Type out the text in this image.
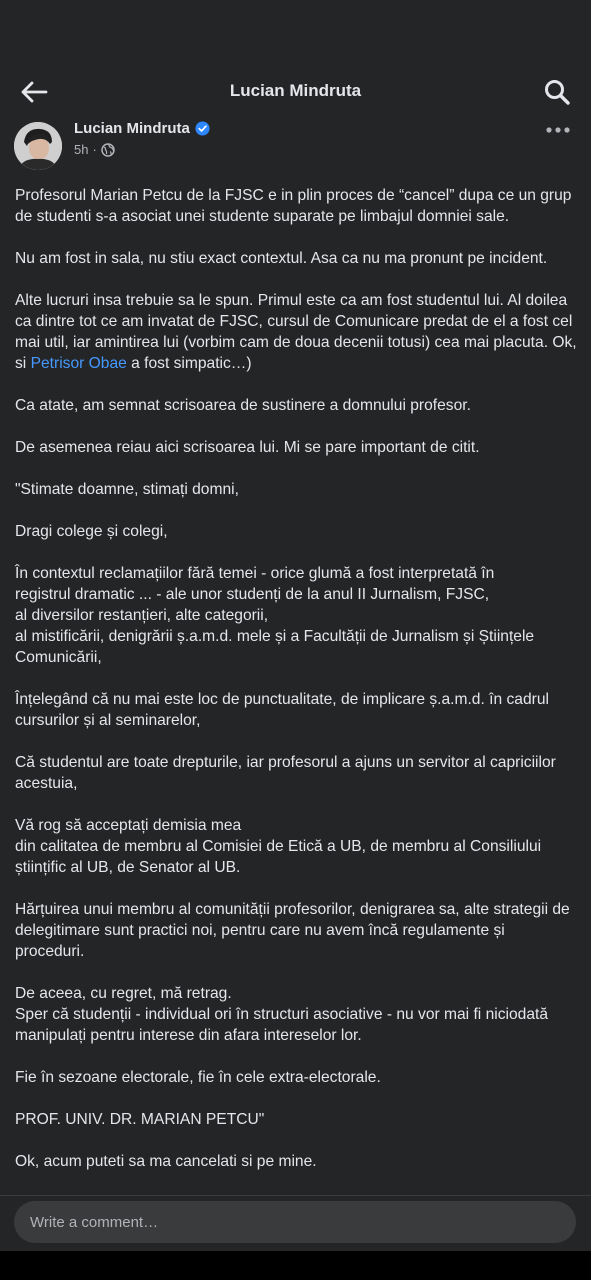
Lucian Mindruta
Lucian Mindruta
5h ·

Profesorul Marian Petcu de la FJSC e in plin proces de “cancel” dupa ce un grup de studenti s-a asociat unei studente suparate pe limbajul domniei sale.

Nu am fost in sala, nu stiu exact contextul. Asa ca nu ma pronunt pe incident.

Alte lucruri insa trebuie sa le spun. Primul este ca am fost studentul lui. Al doilea ca dintre tot ce am invatat de FJSC, cursul de Comunicare predat de el a fost cel mai util, iar amintirea lui (vorbim cam de doua decenii totusi) cea mai placuta. Ok, si Petrisor Obae a fost simpatic…)

Ca atate, am semnat scrisoarea de sustinere a domnului profesor.

De asemenea reiau aici scrisoarea lui. Mi se pare important de citit.

"Stimate doamne, stimați domni,

Dragi colege și colegi,

În contextul reclamațiilor fără temei - orice glumă a fost interpretată în
registrul dramatic ... - ale unor studenți de la anul II Jurnalism, FJSC,
al diversilor restanțieri, alte categorii,
al mistificării, denigrării ș.a.m.d. mele și a Facultății de Jurnalism și Științele Comunicării,

Înțelegând că nu mai este loc de punctualitate, de implicare ș.a.m.d. în cadrul cursurilor și al seminarelor,

Că studentul are toate drepturile, iar profesorul a ajuns un servitor al capriciilor acestuia,

Vă rog să acceptați demisia mea
din calitatea de membru al Comisiei de Etică a UB, de membru al Consiliului științific al UB, de Senator al UB.

Hărțuirea unui membru al comunității profesorilor, denigrarea sa, alte strategii de delegitimare sunt practici noi, pentru care nu avem încă regulamente și proceduri.

De aceea, cu regret, mă retrag.
Sper că studenții - individual ori în structuri asociative - nu vor mai fi niciodată manipulați pentru interese din afara intereselor lor.

Fie în sezoane electorale, fie în cele extra-electorale.

PROF. UNIV. DR. MARIAN PETCU"

Ok, acum puteti sa ma cancelati si pe mine.

Write a comment…
